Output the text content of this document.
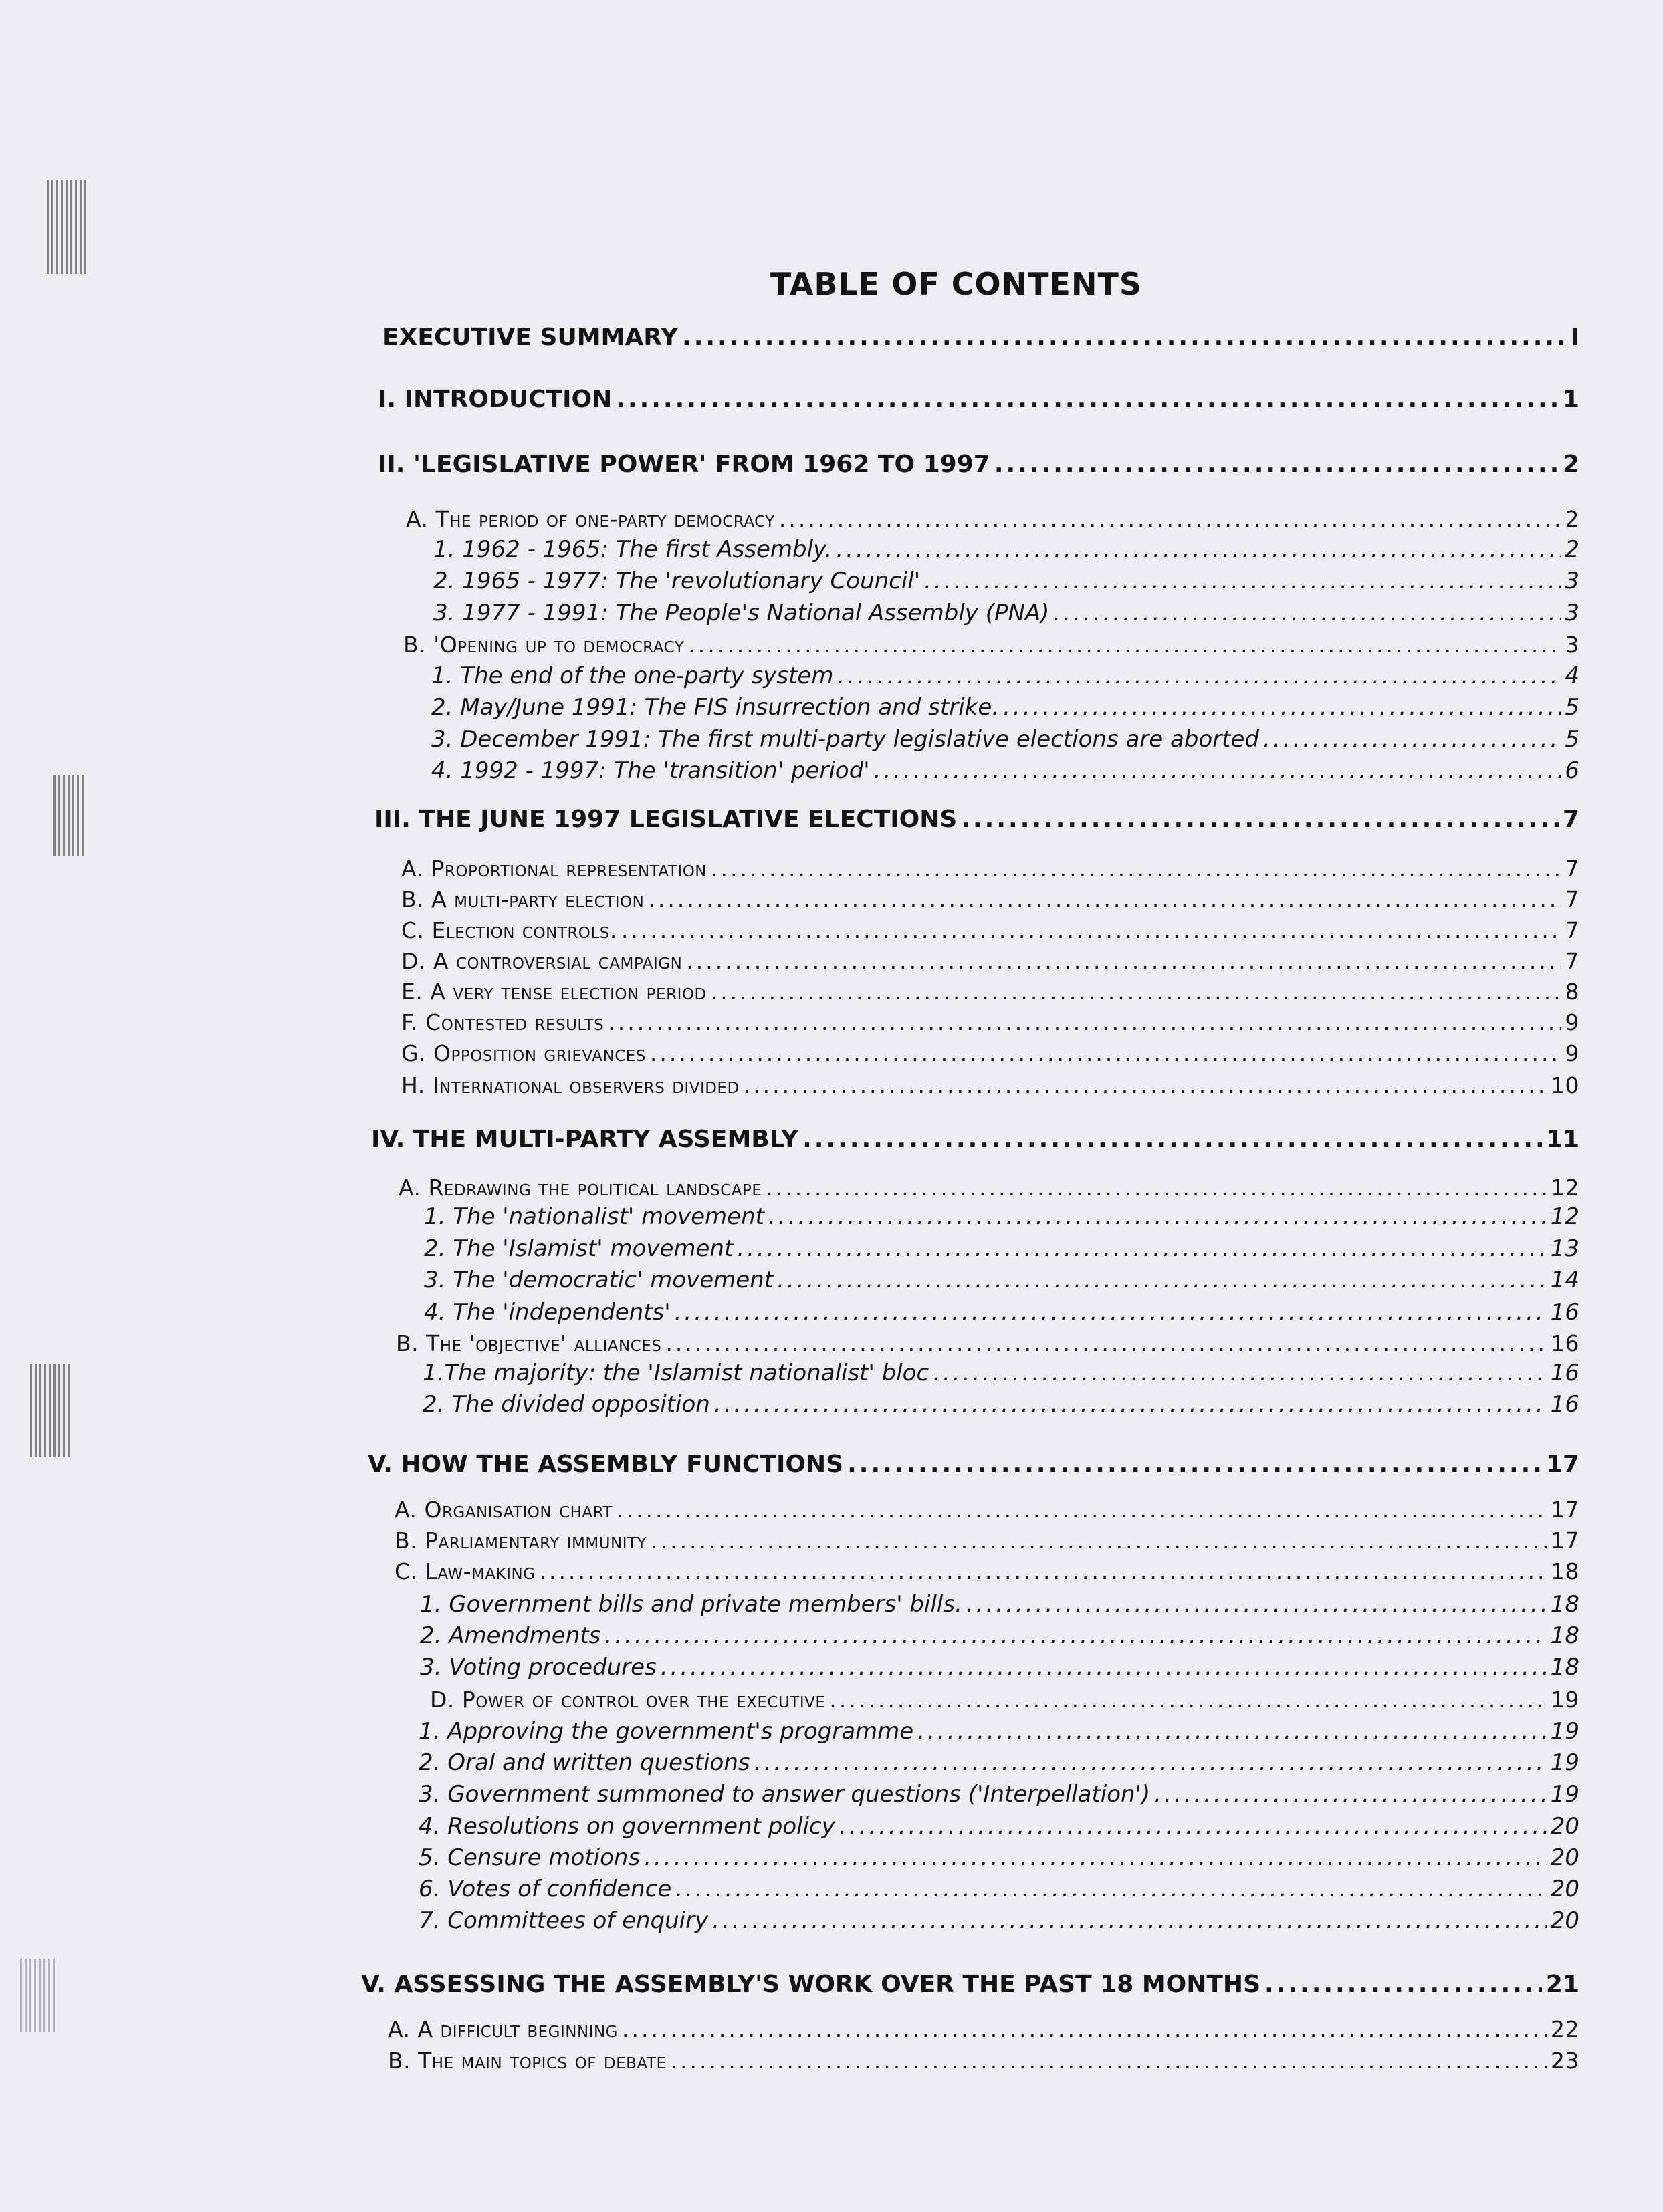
TABLE OF CONTENTS
EXECUTIVE SUMMARY .....	I
I. INTRODUCTION .....	1
II. 'LEGISLATIVE POWER' FROM 1962 TO 1997 .....	2
A. The period of one-party democracy .....	2
1. 1962 - 1965: The first Assembly. .....	2
2. 1965 - 1977: The 'revolutionary Council' .....	3
3. 1977 - 1991: The People's National Assembly (PNA) .....	3
B. 'Opening up to democracy .....	3
1. The end of the one-party system .....	4
2. May/June 1991: The FIS insurrection and strike. .....	5
3. December 1991: The first multi-party legislative elections are aborted .....	5
4. 1992 - 1997: The 'transition' period' .....	6
III. THE JUNE 1997 LEGISLATIVE ELECTIONS .....	7
A. Proportional representation .....	7
B. A multi-party election .....	7
C. Election controls. .....	7
D. A controversial campaign .....	7
E. A very tense election period .....	8
F. Contested results .....	9
G. Opposition grievances .....	9
H. International observers divided .....	10
IV. THE MULTI-PARTY ASSEMBLY .....	11
A. Redrawing the political landscape .....	12
1. The 'nationalist' movement .....	12
2. The 'Islamist' movement .....	13
3. The 'democratic' movement .....	14
4. The 'independents' .....	16
B. The 'objective' alliances .....	16
1.The majority: the 'Islamist nationalist' bloc .....	16
2. The divided opposition .....	16
V. HOW THE ASSEMBLY FUNCTIONS .....	17
A. Organisation chart .....	17
B. Parliamentary immunity .....	17
C. Law-making .....	18
1. Government bills and private members' bills. .....	18
2. Amendments .....	18
3. Voting procedures .....	18
D. Power of control over the executive .....	19
1. Approving the government's programme .....	19
2. Oral and written questions .....	19
3. Government summoned to answer questions ('Interpellation') .....	19
4. Resolutions on government policy .....	20
5. Censure motions .....	20
6. Votes of confidence .....	20
7. Committees of enquiry .....	20
V. ASSESSING THE ASSEMBLY'S WORK OVER THE PAST 18 MONTHS .....	21
A. A difficult beginning .....	22
B. The main topics of debate .....	23
